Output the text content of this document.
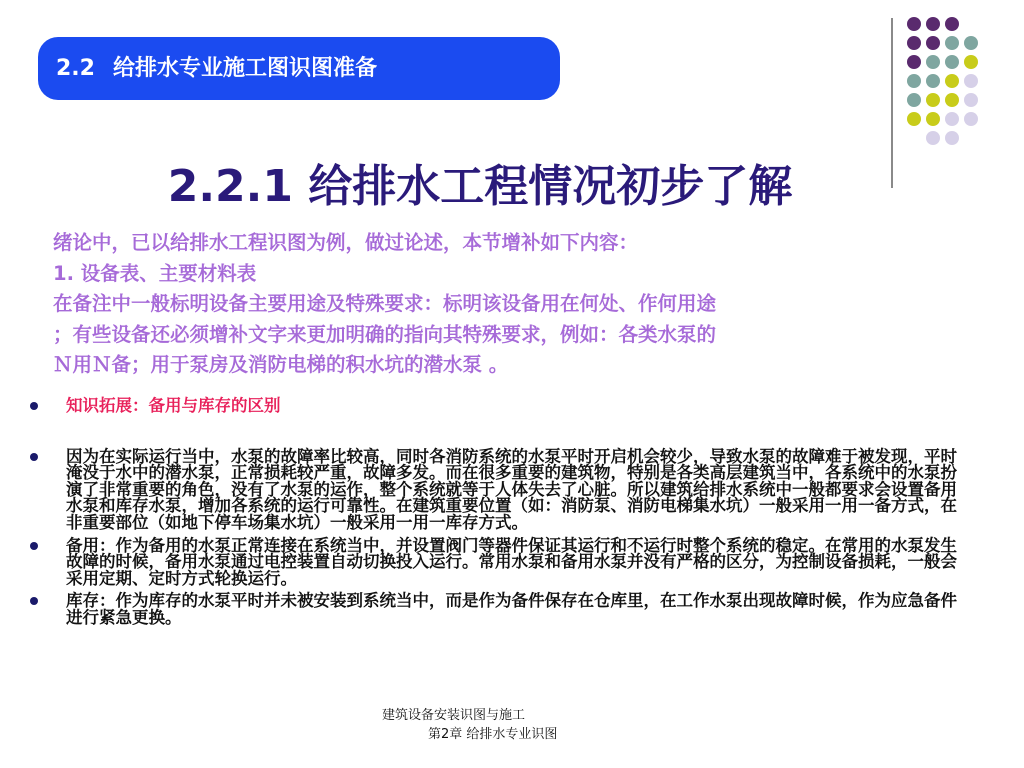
2.2 给排水专业施工图识图准备
2.2.1 给排水工程情况初步了解
绪论中，已以给排水工程识图为例，做过论述，本节增补如下内容：
1. 设备表、主要材料表
在备注中一般标明设备主要用途及特殊要求：标明该设备用在何处、作何用途
；有些设备还必须增补文字来更加明确的指向其特殊要求，例如：各类水泵的
Ｎ用Ｎ备；用于泵房及消防电梯的积水坑的潜水泵 。
知识拓展：备用与库存的区别
因为在实际运行当中，水泵的故障率比较高，同时各消防系统的水泵平时开启机会较少，导致水泵的故障难于被发现，平时淹没于水中的潜水泵，正常损耗较严重，故障多发。而在很多重要的建筑物，特别是各类高层建筑当中，各系统中的水泵扮演了非常重要的角色，没有了水泵的运作，整个系统就等于人体失去了心脏。所以建筑给排水系统中一般都要求会设置备用水泵和库存水泵，增加各系统的运行可靠性。在建筑重要位置（如：消防泵、消防电梯集水坑）一般采用一用一备方式，在非重要部位（如地下停车场集水坑）一般采用一用一库存方式。
备用：作为备用的水泵正常连接在系统当中，并设置阀门等器件保证其运行和不运行时整个系统的稳定。在常用的水泵发生故障的时候，备用水泵通过电控装置自动切换投入运行。常用水泵和备用水泵并没有严格的区分，为控制设备损耗，一般会采用定期、定时方式轮换运行。
库存：作为库存的水泵平时并未被安装到系统当中，而是作为备件保存在仓库里，在工作水泵出现故障时候，作为应急备件进行紧急更换。
建筑设备安装识图与施工
第2章 给排水专业识图
